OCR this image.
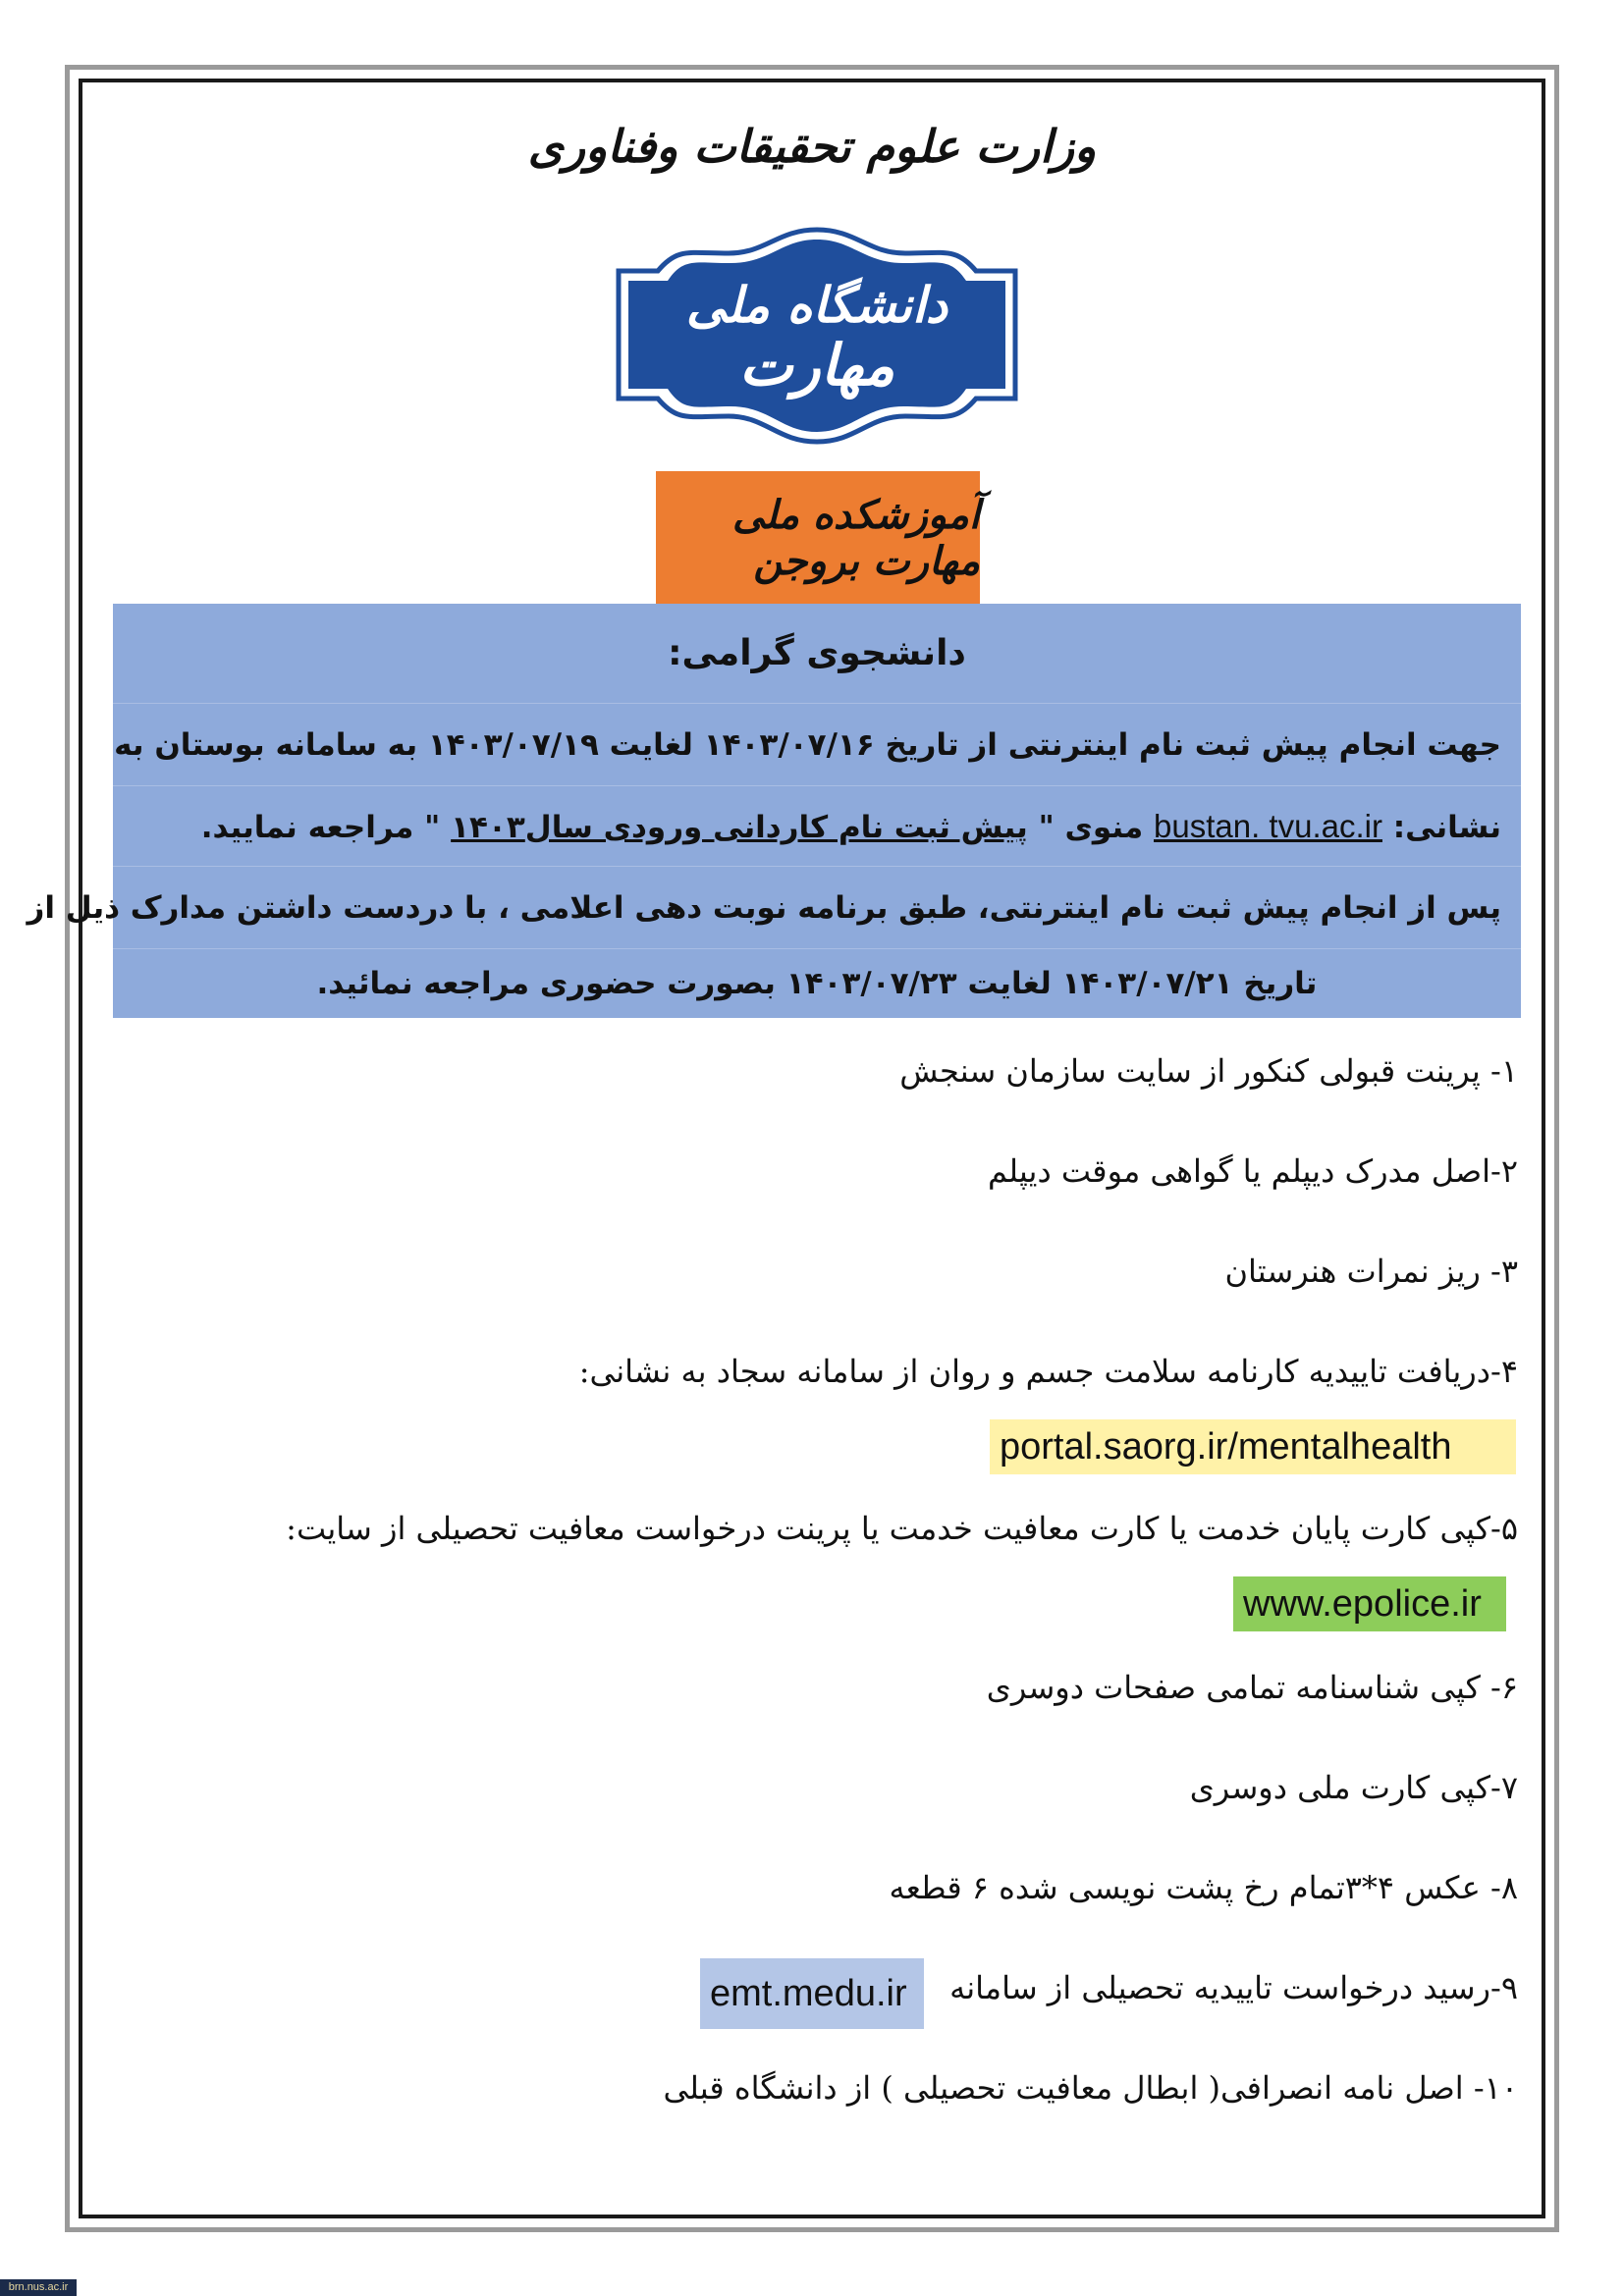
وزارت علوم تحقیقات وفناوری
دانشگاه ملی
مهارت
آموزشکده ملی مهارت بروجن
دانشجوی گرامی:
جهت انجام پیش ثبت نام اینترنتی از تاریخ ۱۴۰۳/۰۷/۱۶ لغایت ۱۴۰۳/۰۷/۱۹ به سامانه بوستان به
نشانی: bustan. tvu.ac.ir منوی " پیش ثبت نام کاردانی ورودی سال۱۴۰۳ " مراجعه نمایید.
پس از انجام پیش ثبت نام اینترنتی، طبق برنامه نوبت دهی اعلامی ، با دردست داشتن مدارک ذیل از
تاریخ ۱۴۰۳/۰۷/۲۱ لغایت ۱۴۰۳/۰۷/۲۳ بصورت حضوری مراجعه نمائید.
۱- پرینت قبولی کنکور از سایت سازمان سنجش
۲-اصل مدرک دیپلم یا گواهی موقت دیپلم
۳- ریز نمرات هنرستان
۴-دریافت تاییدیه کارنامه سلامت جسم و روان از سامانه سجاد به نشانی:
portal.saorg.ir/mentalhealth
۵-کپی کارت پایان خدمت یا کارت معافیت خدمت یا پرینت درخواست معافیت تحصیلی از سایت:
www.epolice.ir
۶- کپی شناسنامه تمامی صفحات دوسری
۷-کپی کارت ملی دوسری
۸- عکس ۴*۳تمام رخ پشت نویسی شده ۶ قطعه
۹-رسید درخواست تاییدیه تحصیلی از سامانه
emt.medu.ir
۱۰- اصل نامه انصرافی( ابطال معافیت تحصیلی ) از دانشگاه قبلی
brn.nus.ac.ir
